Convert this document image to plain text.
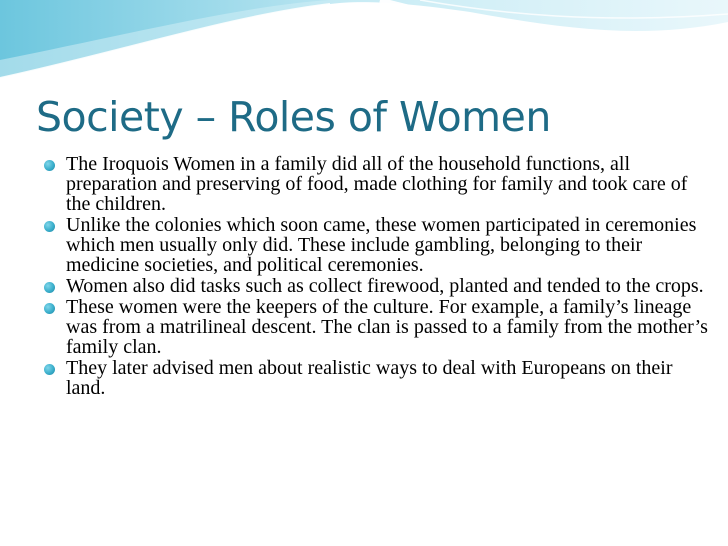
Society – Roles of Women
The Iroquois Women in a family did all of the household functions, all preparation and preserving of food, made clothing for family and took care of the children.
Unlike the colonies which soon came, these women participated in ceremonies which men usually only did. These include gambling, belonging to their medicine societies, and political ceremonies.
Women also did tasks such as collect firewood, planted and tended to the crops.
These women were the keepers of the culture. For example, a family’s lineage was from a matrilineal descent. The clan is passed to a family from the mother’s family clan.
They later advised men about realistic ways to deal with Europeans on their land.
